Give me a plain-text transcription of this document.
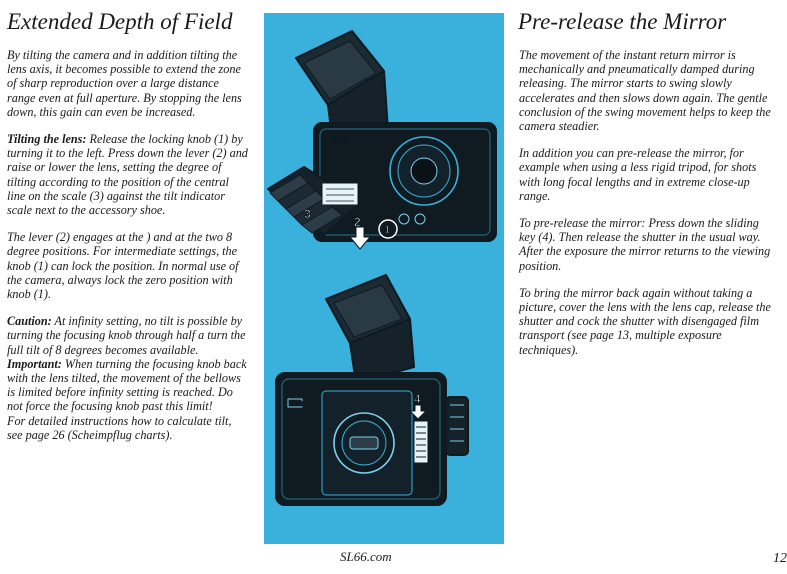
Extended Depth of Field

By tilting the camera and in addition tilting the lens axis, it becomes possible to extend the zone of sharp reproduction over a large distance range even at full aperture. By stopping the lens down, this gain can even be increased.

Tilting the lens: Release the locking knob (1) by turning it to the left. Press down the lever (2) and raise or lower the lens, setting the degree of tilting according to the position of the central line on the scale (3) against the tilt indicator scale next to the accessory shoe.

The lever (2) engages at the ) and at the two 8 degree positions. For intermediate settings, the knob (1) can lock the position. In normal use of the camera, always lock the zero position with knob (1).

Caution: At infinity setting, no tilt is possible by turning the focusing knob through half a turn the full tilt of 8 degrees becomes available.

Important: When turning the focusing knob back with the lens tilted, the movement of the bellows is limited before infinity setting is reached. Do not force the focusing knob past this limit!

For detailed instructions how to calculate tilt, see page 26 (Scheimpflug charts).

SL66
3
2
1
SL66	4
Pre-release the Mirror

The movement of the instant return mirror is mechanically and pneumatically damped during releasing. The mirror starts to swing slowly accelerates and then slows down again. The gentle conclusion of the swing movement helps to keep the camera steadier.

In addition you can pre-release the mirror, for example when using a less rigid tripod, for shots with long focal lengths and in extreme close-up range.

To pre-release the mirror: Press down the sliding key (4). Then release the shutter in the usual way. After the exposure the mirror returns to the viewing position.

To bring the mirror back again without taking a picture, cover the lens with the lens cap, release the shutter and cock the shutter with disengaged film transport (see page 13, multiple exposure techniques).

SL66.com	12
